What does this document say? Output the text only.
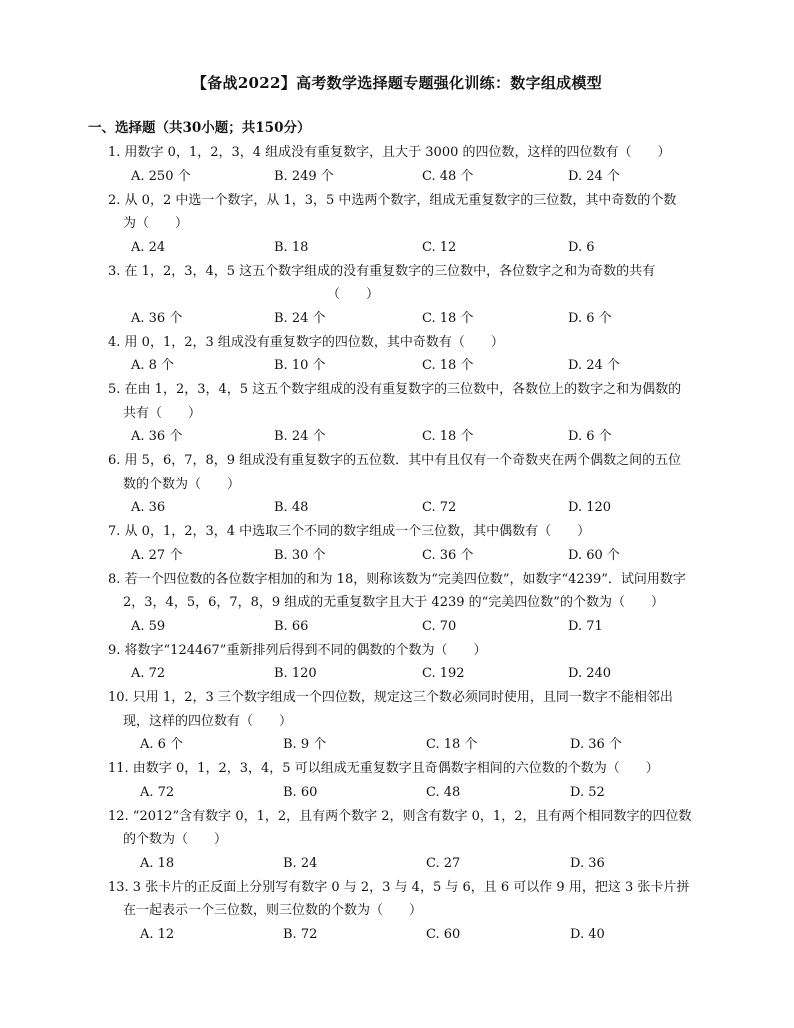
【备战2022】高考数学选择题专题强化训练：数字组成模型
一、选择题（共30小题；共150分）
1. 用数字 0，1，2，3，4 组成没有重复数字，且大于 3000 的四位数，这样的四位数有（　　）
A. 250 个	B. 249 个	C. 48 个	D. 24 个
2. 从 0，2 中选一个数字，从 1，3，5 中选两个数字，组成无重复数字的三位数，其中奇数的个数
为（　　）
A. 24	B. 18	C. 12	D. 6
3. 在 1，2，3，4，5 这五个数字组成的没有重复数字的三位数中，各位数字之和为奇数的共有
（　　）
A. 36 个	B. 24 个	C. 18 个	D. 6 个
4. 用 0，1，2，3 组成没有重复数字的四位数，其中奇数有（　　）
A. 8 个	B. 10 个	C. 18 个	D. 24 个
5. 在由 1，2，3，4，5 这五个数字组成的没有重复数字的三位数中，各数位上的数字之和为偶数的
共有（　　）
A. 36 个	B. 24 个	C. 18 个	D. 6 个
6. 用 5，6，7，8，9 组成没有重复数字的五位数．其中有且仅有一个奇数夹在两个偶数之间的五位
数的个数为（　　）
A. 36	B. 48	C. 72	D. 120
7. 从 0，1，2，3，4 中选取三个不同的数字组成一个三位数，其中偶数有（　　）
A. 27 个	B. 30 个	C. 36 个	D. 60 个
8. 若一个四位数的各位数字相加的和为 18，则称该数为“完美四位数”，如数字“4239”．试问用数字
2，3，4，5，6，7，8，9 组成的无重复数字且大于 4239 的“完美四位数”的个数为（　　）
A. 59	B. 66	C. 70	D. 71
9. 将数字“124467”重新排列后得到不同的偶数的个数为（　　）
A. 72	B. 120	C. 192	D. 240
10. 只用 1，2，3 三个数字组成一个四位数，规定这三个数必须同时使用，且同一数字不能相邻出
现，这样的四位数有（　　）
A. 6 个	B. 9 个	C. 18 个	D. 36 个
11. 由数字 0，1，2，3，4，5 可以组成无重复数字且奇偶数字相间的六位数的个数为（　　）
A. 72	B. 60	C. 48	D. 52
12. “2012”含有数字 0，1，2，且有两个数字 2，则含有数字 0，1，2，且有两个相同数字的四位数
的个数为（　　）
A. 18	B. 24	C. 27	D. 36
13. 3 张卡片的正反面上分别写有数字 0 与 2，3 与 4，5 与 6，且 6 可以作 9 用，把这 3 张卡片拼
在一起表示一个三位数，则三位数的个数为（　　）
A. 12	B. 72	C. 60	D. 40
